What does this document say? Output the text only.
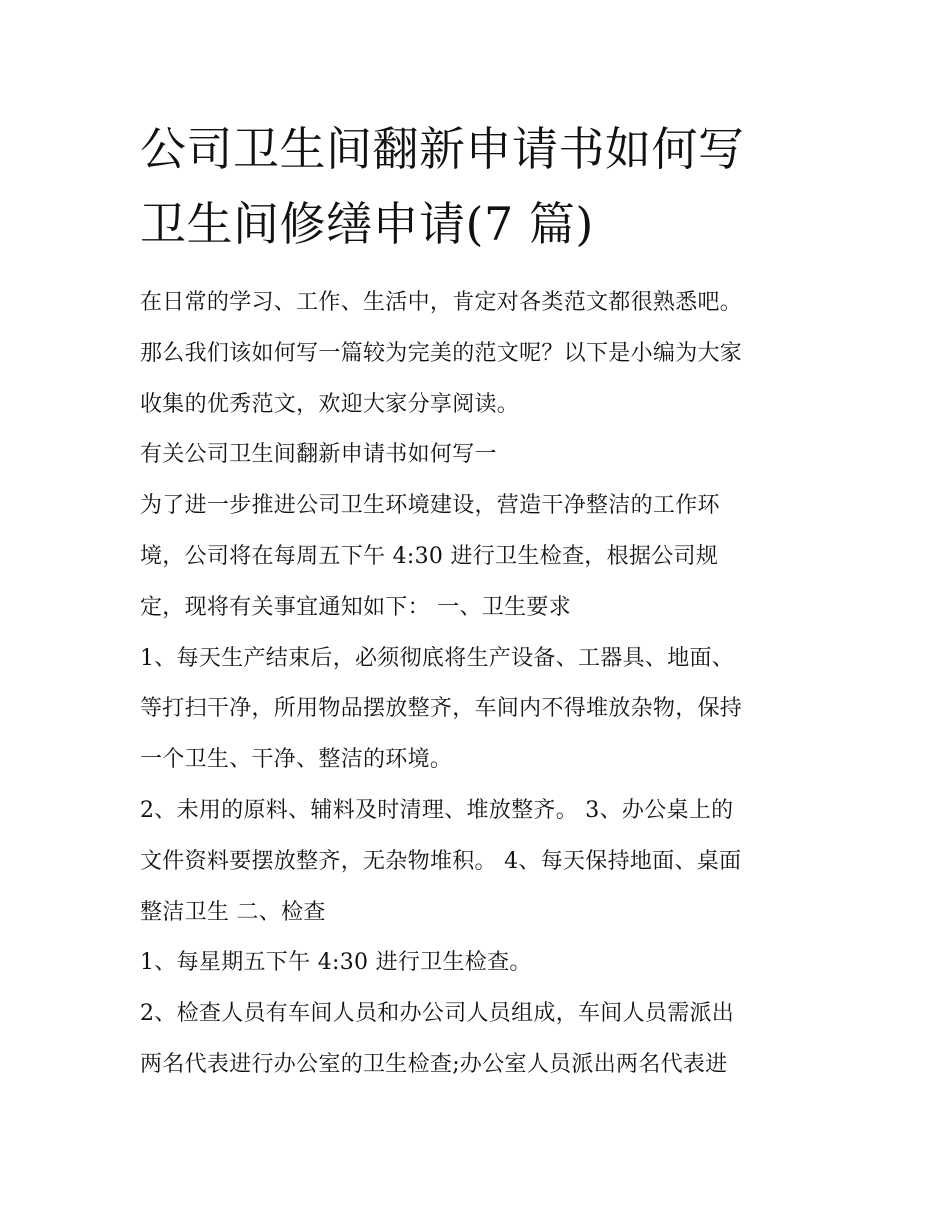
公司卫生间翻新申请书如何写
卫生间修缮申请(7 篇)
在日常的学习、工作、生活中，肯定对各类范文都很熟悉吧。
那么我们该如何写一篇较为完美的范文呢？以下是小编为大家
收集的优秀范文，欢迎大家分享阅读。
有关公司卫生间翻新申请书如何写一
为了进一步推进公司卫生环境建设，营造干净整洁的工作环
境，公司将在每周五下午 4:30 进行卫生检查，根据公司规
定，现将有关事宜通知如下： 一、卫生要求
1、每天生产结束后，必须彻底将生产设备、工器具、地面、
等打扫干净，所用物品摆放整齐，车间内不得堆放杂物，保持
一个卫生、干净、整洁的环境。
2、未用的原料、辅料及时清理、堆放整齐。 3、办公桌上的
文件资料要摆放整齐，无杂物堆积。 4、每天保持地面、桌面
整洁卫生 二、检查
1、每星期五下午 4:30 进行卫生检查。
2、检查人员有车间人员和办公司人员组成，车间人员需派出
两名代表进行办公室的卫生检查;办公室人员派出两名代表进
